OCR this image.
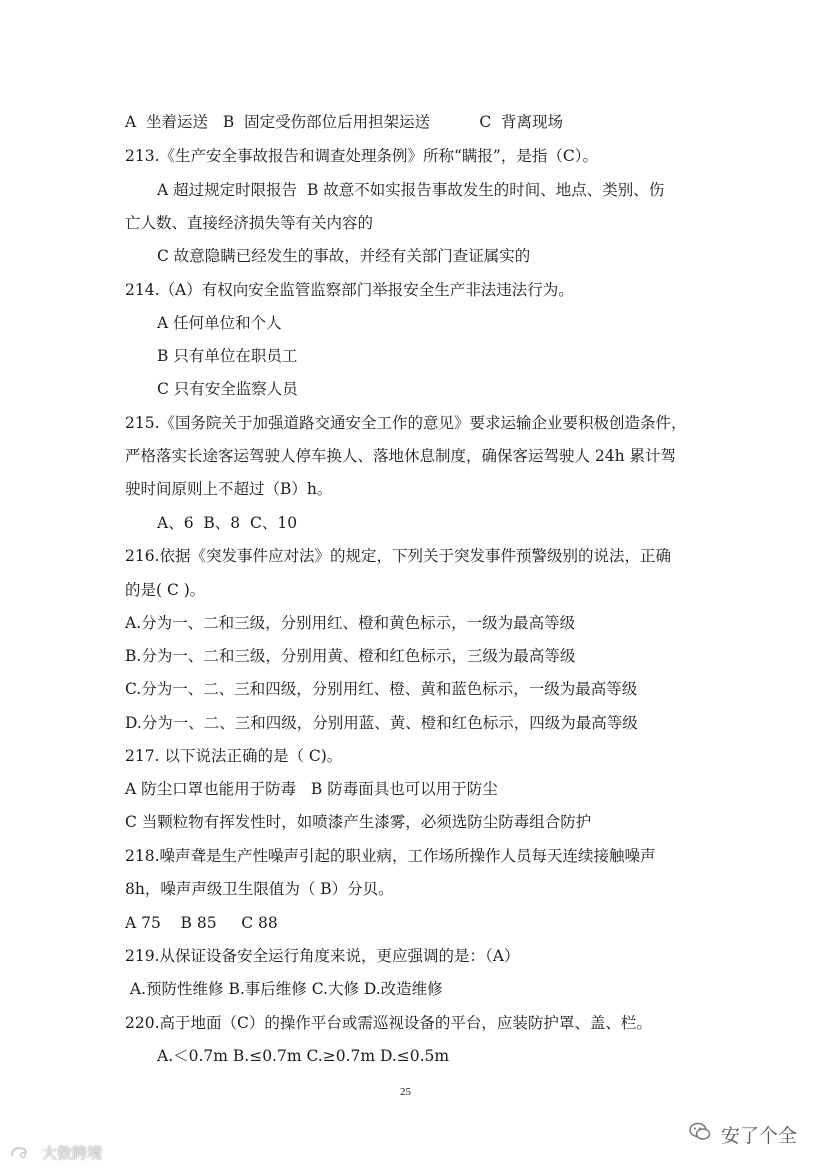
A  坐着运送   B  固定受伤部位后用担架运送          C  背离现场
213.《生产安全事故报告和调查处理条例》所称“瞒报”，是指（C）。
A 超过规定时限报告  B 故意不如实报告事故发生的时间、地点、类别、伤
亡人数、直接经济损失等有关内容的
C 故意隐瞒已经发生的事故，并经有关部门查证属实的
214.（A）有权向安全监管监察部门举报安全生产非法违法行为。
A 任何单位和个人
B 只有单位在职员工
C 只有安全监察人员
215.《国务院关于加强道路交通安全工作的意见》要求运输企业要积极创造条件，
严格落实长途客运驾驶人停车换人、落地休息制度，确保客运驾驶人 24h 累计驾
驶时间原则上不超过（B）h。
A、6  B、8  C、10
216.依据《突发事件应对法》的规定，下列关于突发事件预警级别的说法，正确
的是( C )。
A.分为一、二和三级，分别用红、橙和黄色标示，一级为最高等级
B.分为一、二和三级，分别用黄、橙和红色标示，三级为最高等级
C.分为一、二、三和四级，分别用红、橙、黄和蓝色标示，一级为最高等级
D.分为一、二、三和四级，分别用蓝、黄、橙和红色标示，四级为最高等级
217. 以下说法正确的是（ C)。
A 防尘口罩也能用于防毒   B 防毒面具也可以用于防尘
C 当颗粒物有挥发性时，如喷漆产生漆雾，必须选防尘防毒组合防护
218.噪声聋是生产性噪声引起的职业病，工作场所操作人员每天连续接触噪声
8h，噪声声级卫生限值为（ B）分贝。
A 75    B 85     C 88
219.从保证设备安全运行角度来说，更应强调的是：（A）
A.预防性维修 B.事后维修 C.大修 D.改造维修
220.高于地面（C）的操作平台或需巡视设备的平台，应装防护罩、盖、栏。
A.＜0.7m B.≤0.7m C.≥0.7m D.≤0.5m
25
大数跨境
安了个全
